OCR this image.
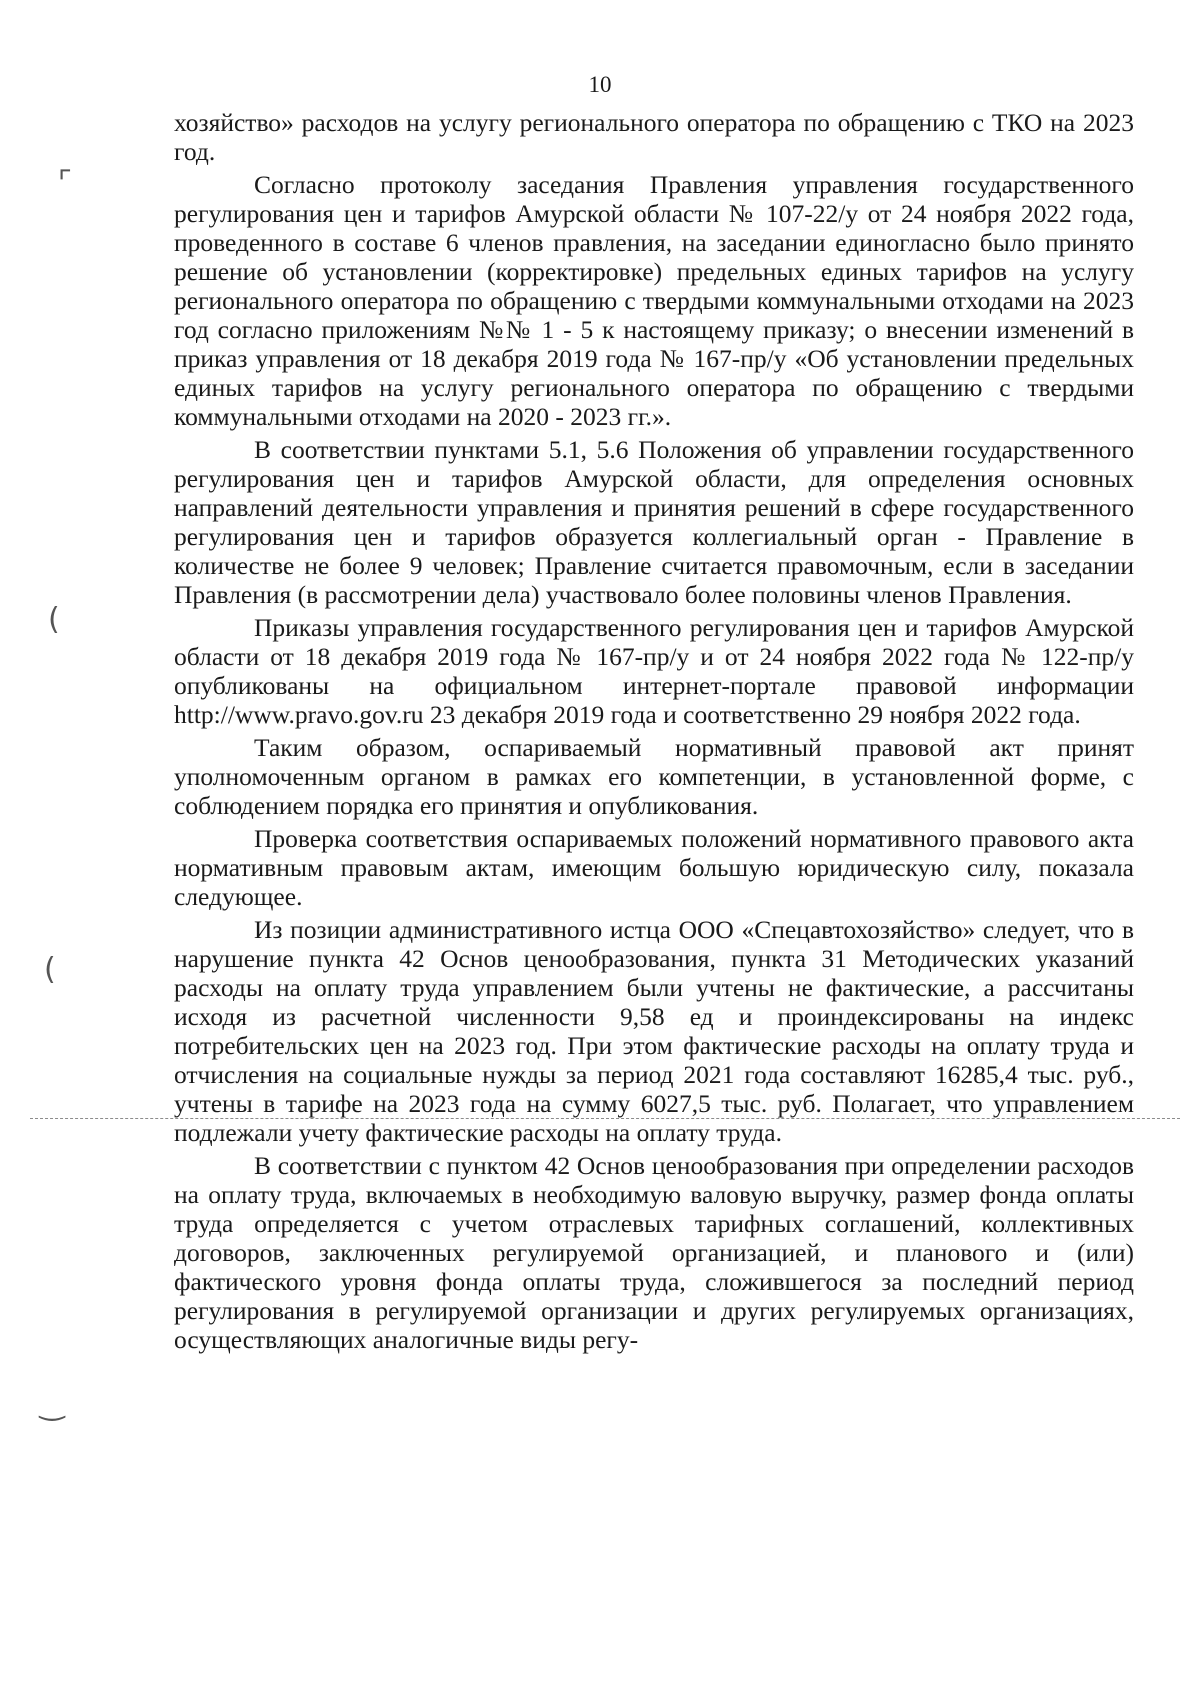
10
⌜
(
(
‿

хозяйство» расходов на услугу регионального оператора по обращению с ТКО на 2023 год.

Согласно протоколу заседания Правления управления государственного регулирования цен и тарифов Амурской области № 107-22/у от 24 ноября 2022 года, проведенного в составе 6 членов правления, на заседании единогласно было принято решение об установлении (корректировке) предельных единых тарифов на услугу регионального оператора по обращению с твердыми коммунальными отходами на 2023 год согласно приложениям №№ 1 - 5 к настоящему приказу; о внесении изменений в приказ управления от 18 декабря 2019 года № 167-пр/у «Об установлении предельных единых тарифов на услугу регионального оператора по обращению с твердыми коммунальными отходами на 2020 - 2023 гг.».

В соответствии пунктами 5.1, 5.6 Положения об управлении государственного регулирования цен и тарифов Амурской области, для определения основных направлений деятельности управления и принятия решений в сфере государственного регулирования цен и тарифов образуется коллегиальный орган - Правление в количестве не более 9 человек; Правление считается правомочным, если в заседании Правления (в рассмотрении дела) участвовало более половины членов Правления.

Приказы управления государственного регулирования цен и тарифов Амурской области от 18 декабря 2019 года № 167-пр/у и от 24 ноября 2022 года № 122-пр/у опубликованы на официальном интернет-портале правовой информации http://www.pravo.gov.ru 23 декабря 2019 года и соответственно 29 ноября 2022 года.

Таким образом, оспариваемый нормативный правовой акт принят уполномоченным органом в рамках его компетенции, в установленной форме, с соблюдением порядка его принятия и опубликования.

Проверка соответствия оспариваемых положений нормативного правового акта нормативным правовым актам, имеющим большую юридическую силу, показала следующее.

Из позиции административного истца ООО «Спецавтохозяйство» следует, что в нарушение пункта 42 Основ ценообразования, пункта 31 Методических указаний расходы на оплату труда управлением были учтены не фактические, а рассчитаны исходя из расчетной численности 9,58 ед и проиндексированы на индекс потребительских цен на 2023 год. При этом фактические расходы на оплату труда и отчисления на социальные нужды за период 2021 года составляют 16285,4 тыс. руб., учтены в тарифе на 2023 года на сумму 6027,5 тыс. руб. Полагает, что управлением подлежали учету фактические расходы на оплату труда.

В соответствии с пунктом 42 Основ ценообразования при определении расходов на оплату труда, включаемых в необходимую валовую выручку, размер фонда оплаты труда определяется с учетом отраслевых тарифных соглашений, коллективных договоров, заключенных регулируемой организацией, и планового и (или) фактического уровня фонда оплаты труда, сложившегося за последний период регулирования в регулируемой организации и других регулируемых организациях, осуществляющих аналогичные виды регу-
